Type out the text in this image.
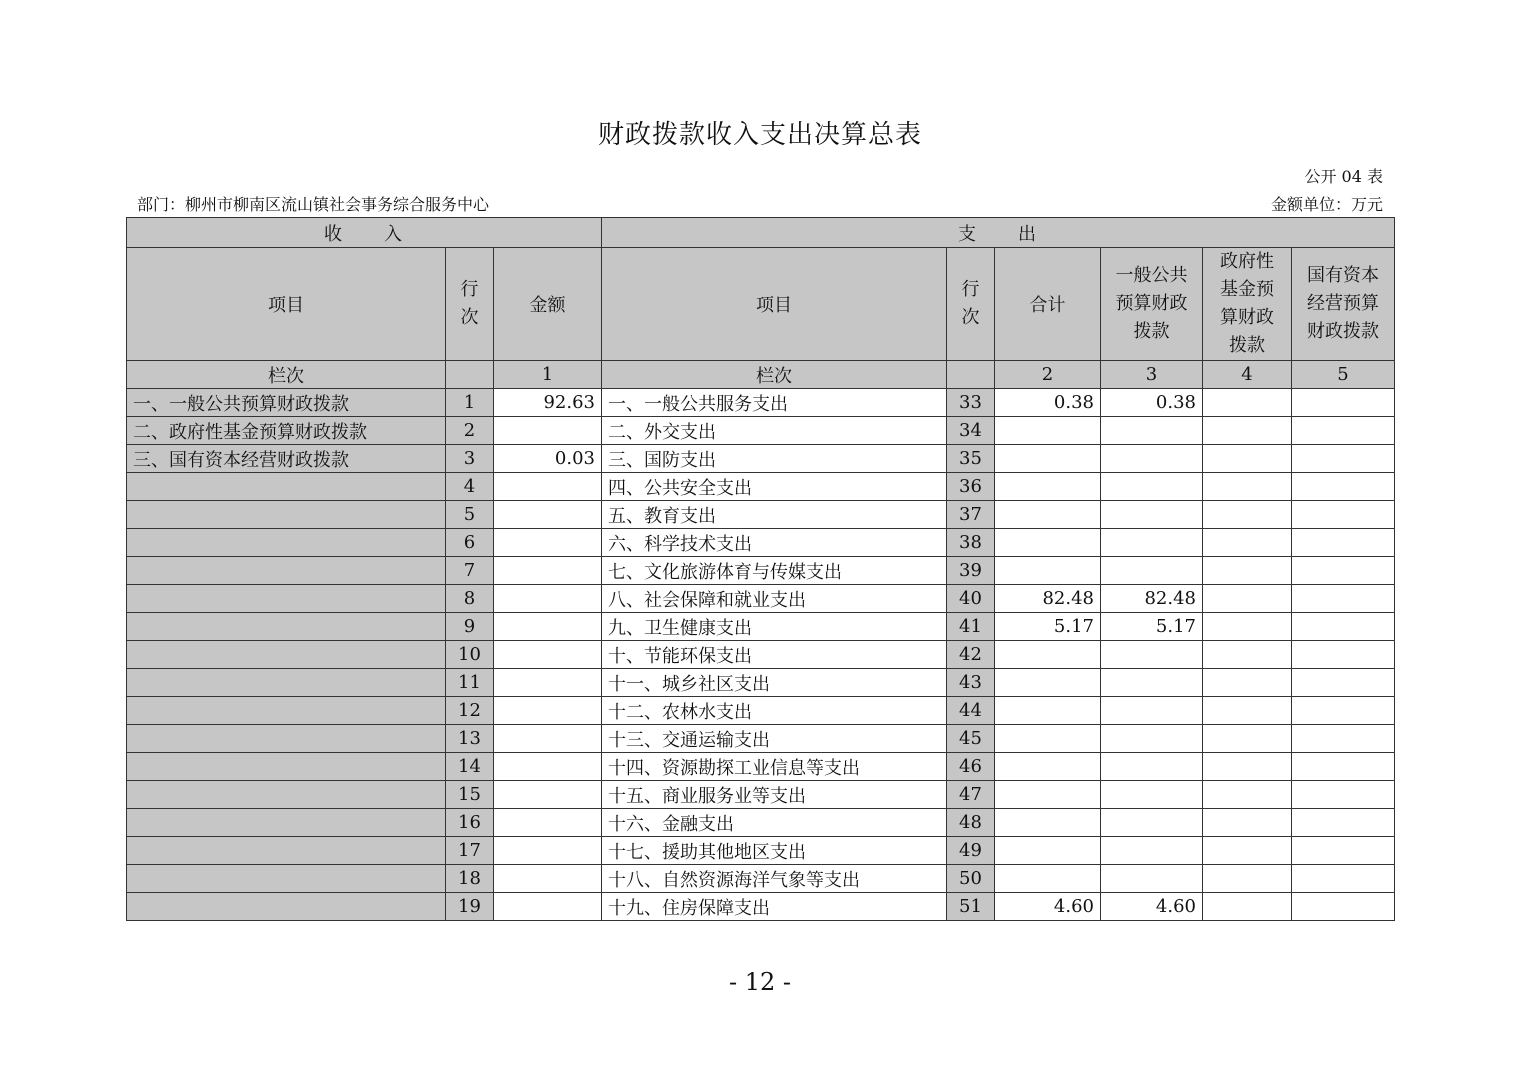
财政拨款收入支出决算总表
公开 04 表
部门：柳州市柳南区流山镇社会事务综合服务中心	金额单位：万元
收　　入			支　　出					
项目	行次	金额	项目	行次	合计	一般公共预算财政拨款	政府性基金预算财政拨款	国有资本经营预算财政拨款
栏次		1	栏次		2	3	4	5
一、一般公共预算财政拨款	1	92.63	一、一般公共服务支出	33	0.38	0.38		
二、政府性基金预算财政拨款	2		二、外交支出	34				
三、国有资本经营财政拨款	3	0.03	三、国防支出	35				
	4		四、公共安全支出	36				
	5		五、教育支出	37				
	6		六、科学技术支出	38				
	7		七、文化旅游体育与传媒支出	39				
	8		八、社会保障和就业支出	40	82.48	82.48		
	9		九、卫生健康支出	41	5.17	5.17		
	10		十、节能环保支出	42				
	11		十一、城乡社区支出	43				
	12		十二、农林水支出	44				
	13		十三、交通运输支出	45				
	14		十四、资源勘探工业信息等支出	46				
	15		十五、商业服务业等支出	47				
	16		十六、金融支出	48				
	17		十七、援助其他地区支出	49				
	18		十八、自然资源海洋气象等支出	50				
	19		十九、住房保障支出	51	4.60	4.60		
- 12 -
